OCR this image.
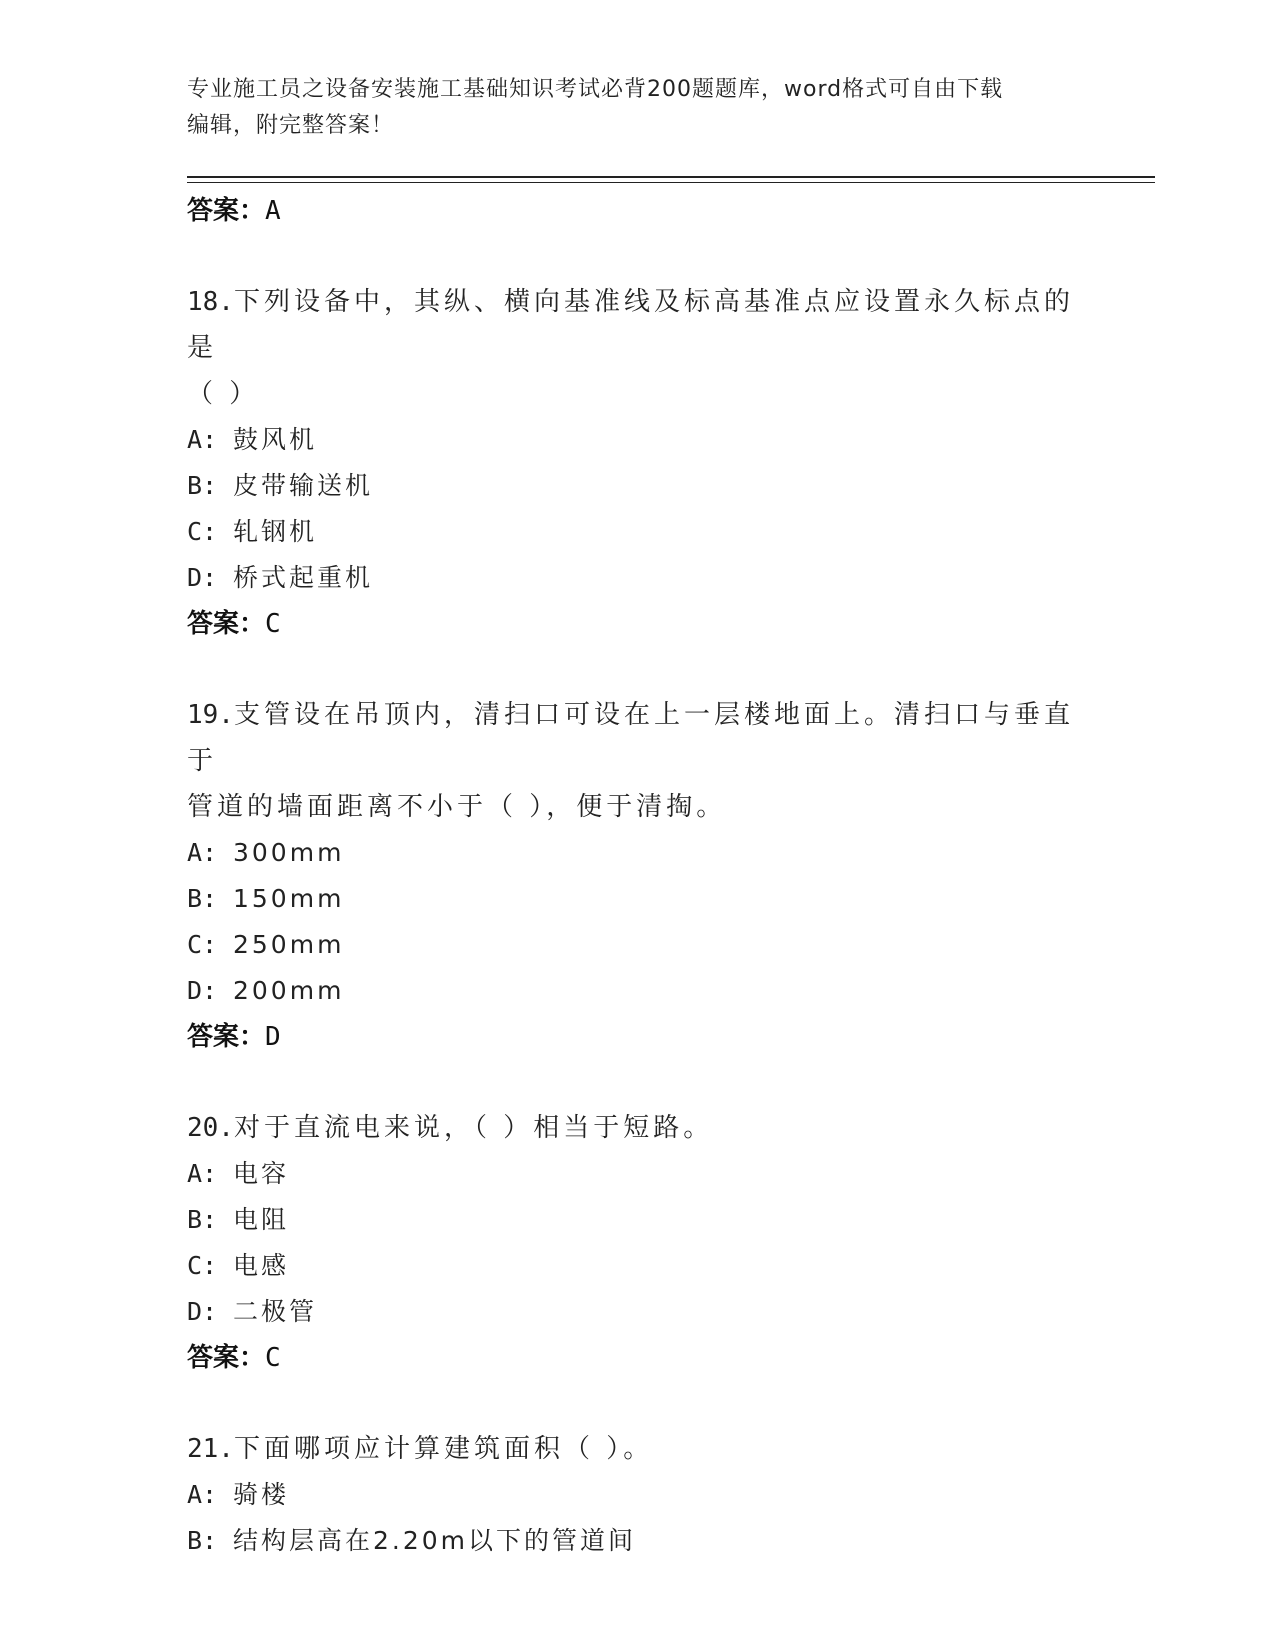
专业施工员之设备安装施工基础知识考试必背200题题库，word格式可自由下载
编辑，附完整答案！
答案：A
18.下列设备中，其纵、横向基准线及标高基准点应设置永久标点的是
（ ）
A: 鼓风机
B: 皮带输送机
C: 轧钢机
D: 桥式起重机
答案：C
19.支管设在吊顶内，清扫口可设在上一层楼地面上。清扫口与垂直于
管道的墙面距离不小于（ ），便于清掏。
A: 300mm
B: 150mm
C: 250mm
D: 200mm
答案：D
20.对于直流电来说，（ ）相当于短路。
A: 电容
B: 电阻
C: 电感
D: 二极管
答案：C
21.下面哪项应计算建筑面积（ ）。
A: 骑楼
B: 结构层高在2.20m以下的管道间
